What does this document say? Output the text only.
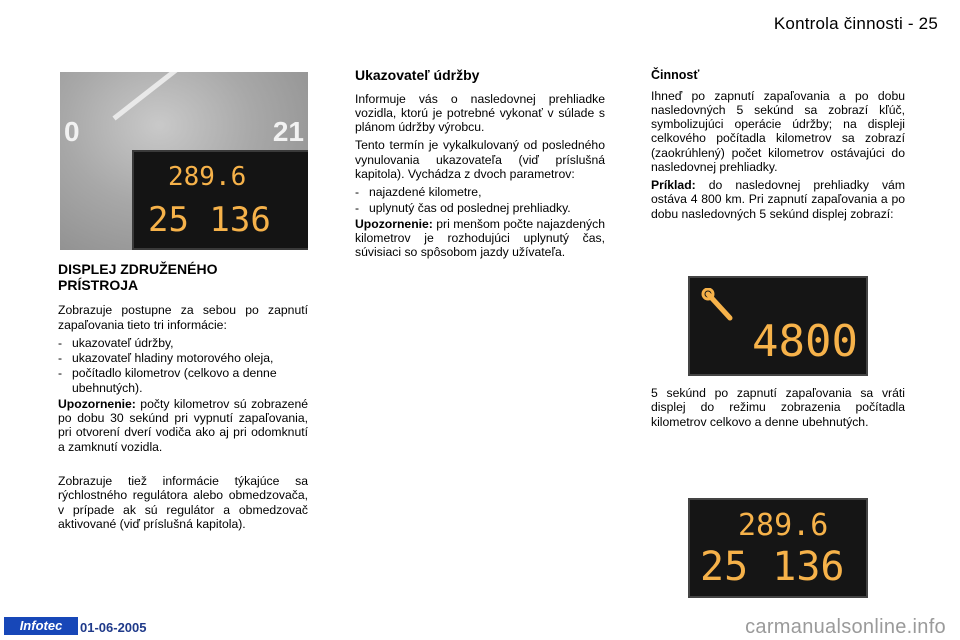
Kontrola činnosti - 25
0	21
289.6
25 136
DISPLEJ ZDRUŽENÉHO
PRÍSTROJA

Zobrazuje postupne za sebou po zapnutí zapaľovania tieto tri informácie:

- ukazovateľ údržby,
- ukazovateľ hladiny motorového oleja,
- počítadlo kilometrov (celkovo a denne ubehnutých).

Upozornenie: počty kilometrov sú zobrazené po dobu 30 sekúnd pri vypnutí zapaľovania, pri otvorení dverí vodiča ako aj pri odomknutí a zamknutí vozidla.

Zobrazuje tiež informácie týkajúce sa rýchlostného regulátora alebo obmedzovača, v prípade ak sú regulátor a obmedzovač aktivované (viď príslušná kapitola).

Ukazovateľ údržby

Informuje vás o nasledovnej prehliadke vozidla, ktorú je potrebné vykonať v súlade s plánom údržby výrobcu.

Tento termín je vykalkulovaný od posledného vynulovania ukazovateľa (viď príslušná kapitola). Vychádza z dvoch parametrov:

- najazdené kilometre,
- uplynutý čas od poslednej prehliadky.

Upozornenie: pri menšom počte najazdených kilometrov je rozhodujúci uplynutý čas, súvisiaci so spôsobom jazdy užívateľa.

Činnosť

Ihneď po zapnutí zapaľovania a po dobu nasledovných 5 sekúnd sa zobrazí kľúč, symbolizujúci operácie údržby; na displeji celkového počítadla kilometrov sa zobrazí (zaokrúhlený) počet kilometrov ostávajúci do nasledovnej prehliadky.

Príklad: do nasledovnej prehliadky vám ostáva 4 800 km. Pri zapnutí zapaľovania a po dobu nasledovných 5 sekúnd displej zobrazí:

4800
5 sekúnd po zapnutí zapaľovania sa vráti displej do režimu zobrazenia počítadla kilometrov celkovo a denne ubehnutých.
289.6
25 136
Infotec	01-06-2005	carmanualsonline.info
